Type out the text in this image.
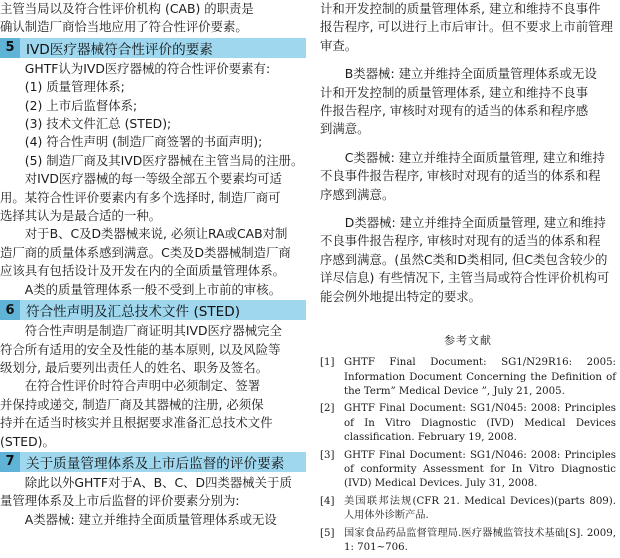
主管当局以及符合性评价机构 (CAB) 的职责是

确认制造厂商恰当地应用了符合性评价要素。

5 IVD医疗器械符合性评价的要素

GHTF认为IVD医疗器械的符合性评价要素有:

(1) 质量管理体系;

(2) 上市后监督体系;

(3) 技术文件汇总 (STED);

(4) 符合性声明 (制造厂商签署的书面声明);

(5) 制造厂商及其IVD医疗器械在主管当局的注册。

对IVD医疗器械的每一等级全部五个要素均可适

用。某符合性评价要素内有多个选择时, 制造厂商可

选择其认为是最合适的一种。

对于B、C及D类器械来说, 必须让RA或CAB对制

造厂商的质量体系感到满意。C类及D类器械制造厂商

应该具有包括设计及开发在内的全面质量管理体系。

A类的质量管理体系一般不受到上市前的审核。

6 符合性声明及汇总技术文件 (STED)

符合性声明是制造厂商证明其IVD医疗器械完全

符合所有适用的安全及性能的基本原则, 以及风险等

级划分, 最后要列出责任人的姓名、职务及签名。

在符合性评价时符合声明中必须制定、签署

并保持或递交, 制造厂商及其器械的注册, 必须保

持并在适当时核实并且根据要求准备汇总技术文件

(STED)。

7 关于质量管理体系及上市后监督的评价要素

除此以外GHTF对于A、B、C、D四类器械关于质

量管理体系及上市后监督的评价要素分别为:

A类器械: 建立并维持全面质量管理体系或无设

计和开发控制的质量管理体系, 建立和维持不良事件

报告程序, 可以进行上市后审计。但不要求上市前管理

审查。

B类器械: 建立并维持全面质量管理体系或无设

计和开发控制的质量管理体系, 建立和维持不良事

件报告程序, 审核时对现有的适当的体系和程序感

到满意。

C类器械: 建立并维持全面质量管理, 建立和维持

不良事件报告程序, 审核时对现有的适当的体系和程

序感到满意。

D类器械: 建立并维持全面质量管理, 建立和维持

不良事件报告程序, 审核时对现有的适当的体系和程

序感到满意。(虽然C类和D类相同, 但C类包含较少的

详尽信息) 有些情况下, 主管当局或符合性评价机构可

能会例外地提出特定的要求。

参考文献
[1] GHTF Final Document: SG1/N29R16: 2005: Information Document Concerning the Definition of the Term” Medical Device ”, July 21, 2005.
[2] GHTF Final Document: SG1/N045: 2008: Principles of In Vitro Diagnostic (IVD) Medical Devices classification. February 19, 2008.
[3] GHTF Final Document: SG1/N046: 2008: Principles of conformity Assessment for In Vitro Diagnostic (IVD) Medical Devices. July 31, 2008.
[4] 美国联邦法规(CFR 21. Medical Devices)(parts 809). 人用体外诊断产品.
[5] 国家食品药品监督管理局.医疗器械监管技术基础[S]. 2009, 1: 701~706.
